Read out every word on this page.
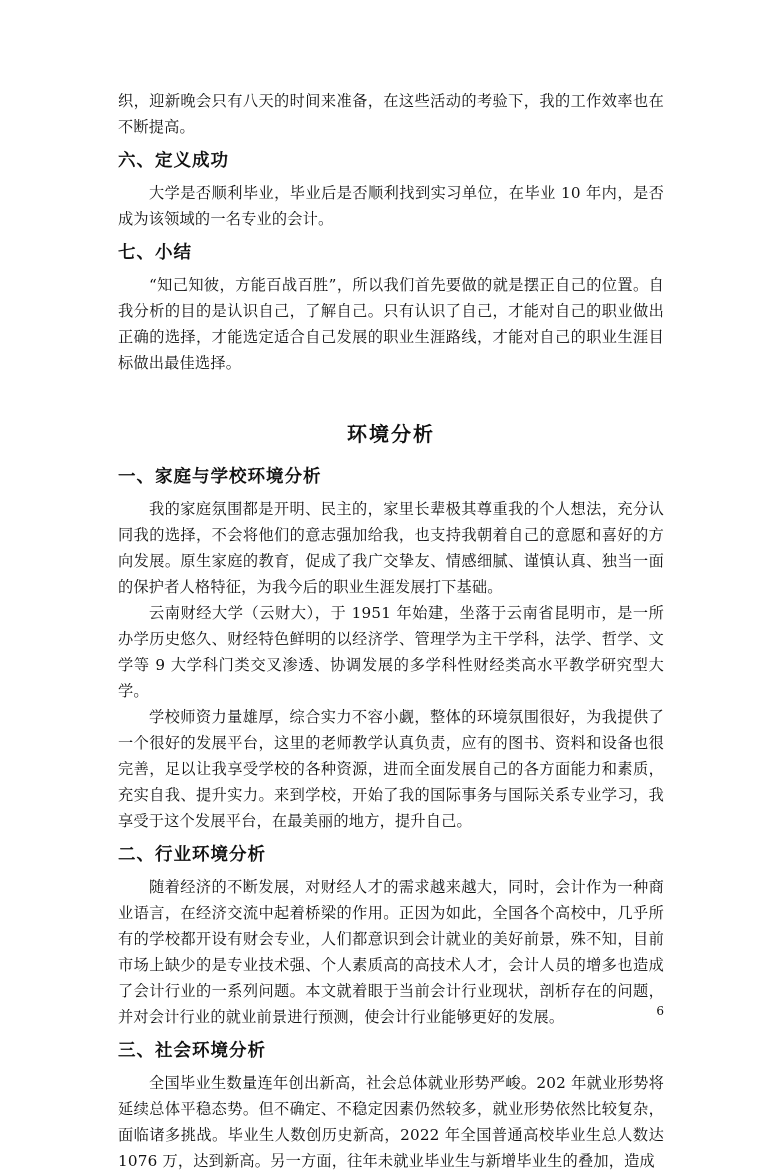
织，迎新晚会只有八天的时间来准备，在这些活动的考验下，我的工作效率也在不断提高。

六、定义成功

大学是否顺利毕业，毕业后是否顺利找到实习单位，在毕业 10 年内，是否成为该领域的一名专业的会计。

七、小结

“知己知彼，方能百战百胜”，所以我们首先要做的就是摆正自己的位置。自我分析的目的是认识自己，了解自己。只有认识了自己，才能对自己的职业做出正确的选择，才能选定适合自己发展的职业生涯路线，才能对自己的职业生涯目标做出最佳选择。

环境分析
一、家庭与学校环境分析

我的家庭氛围都是开明、民主的，家里长辈极其尊重我的个人想法，充分认同我的选择，不会将他们的意志强加给我，也支持我朝着自己的意愿和喜好的方向发展。原生家庭的教育，促成了我广交挚友、情感细腻、谨慎认真、独当一面的保护者人格特征，为我今后的职业生涯发展打下基础。

云南财经大学（云财大），于 1951 年始建，坐落于云南省昆明市，是一所办学历史悠久、财经特色鲜明的以经济学、管理学为主干学科，法学、哲学、文学等 9 大学科门类交叉渗透、协调发展的多学科性财经类高水平教学研究型大学。

学校师资力量雄厚，综合实力不容小觑，整体的环境氛围很好，为我提供了一个很好的发展平台，这里的老师教学认真负责，应有的图书、资料和设备也很完善，足以让我享受学校的各种资源，进而全面发展自己的各方面能力和素质，充实自我、提升实力。来到学校，开始了我的国际事务与国际关系专业学习，我享受于这个发展平台，在最美丽的地方，提升自己。

二、行业环境分析

随着经济的不断发展，对财经人才的需求越来越大，同时，会计作为一种商业语言，在经济交流中起着桥梁的作用。正因为如此，全国各个高校中，几乎所有的学校都开设有财会专业，人们都意识到会计就业的美好前景，殊不知，目前市场上缺少的是专业技术强、个人素质高的高技术人才，会计人员的增多也造成了会计行业的一系列问题。本文就着眼于当前会计行业现状，剖析存在的问题，并对会计行业的就业前景进行预测，使会计行业能够更好的发展。

三、社会环境分析

全国毕业生数量连年创出新高，社会总体就业形势严峻。202 年就业形势将延续总体平稳态势。但不确定、不稳定因素仍然较多，就业形势依然比较复杂，面临诸多挑战。毕业生人数创历史新高，2022 年全国普通高校毕业生总人数达 1076 万，达到新高。另一方面，往年未就业毕业生与新增毕业生的叠加，造成

6
